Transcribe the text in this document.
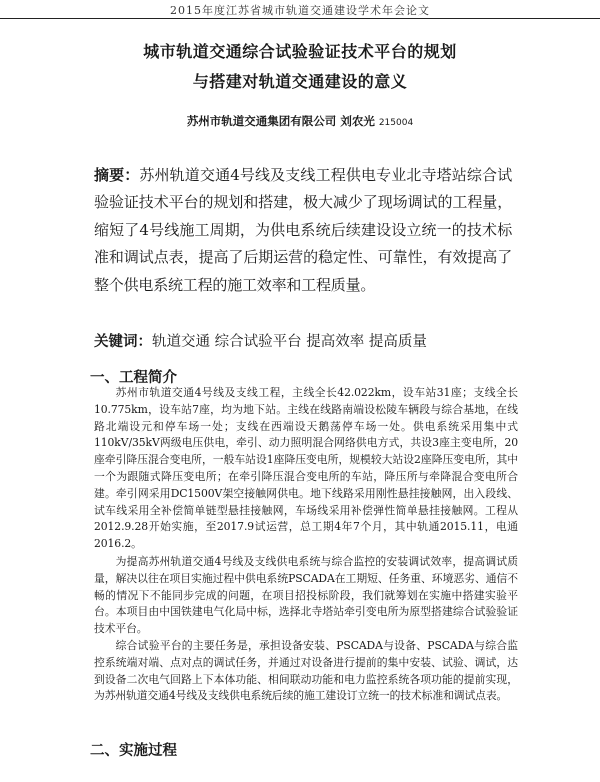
2015年度江苏省城市轨道交通建设学术年会论文
城市轨道交通综合试验验证技术平台的规划
与搭建对轨道交通建设的意义
苏州市轨道交通集团有限公司 刘农光 215004

摘要：苏州轨道交通4号线及支线工程供电专业北寺塔站综合试验验证技术平台的规划和搭建，极大减少了现场调试的工程量，缩短了4号线施工周期，为供电系统后续建设设立统一的技术标准和调试点表，提高了后期运营的稳定性、可靠性，有效提高了整个供电系统工程的施工效率和工程质量。

关键词：轨道交通 综合试验平台 提高效率 提高质量

一、工程简介

苏州市轨道交通4号线及支线工程，主线全长42.022km，设车站31座；支线全长10.775km，设车站7座，均为地下站。主线在线路南端设松陵车辆段与综合基地，在线路北端设元和停车场一处；支线在西端设天鹅荡停车场一处。供电系统采用集中式110kV/35kV两级电压供电，牵引、动力照明混合网络供电方式，共设3座主变电所，20座牵引降压混合变电所，一般车站设1座降压变电所，规模较大站设2座降压变电所，其中一个为跟随式降压变电所；在牵引降压混合变电所的车站，降压所与牵降混合变电所合建。牵引网采用DC1500V架空接触网供电。地下线路采用刚性悬挂接触网，出入段线、试车线采用全补偿简单链型悬挂接触网，车场线采用补偿弹性简单悬挂接触网。工程从2012.9.28开始实施，至2017.9试运营，总工期4年7个月，其中轨通2015.11，电通2016.2。

为提高苏州轨道交通4号线及支线供电系统与综合监控的安装调试效率，提高调试质量，解决以往在项目实施过程中供电系统PSCADA在工期短、任务重、环境恶劣、通信不畅的情况下不能同步完成的问题，在项目招投标阶段，我们就筹划在实施中搭建实验平台。本项目由中国铁建电气化局中标，选择北寺塔站牵引变电所为原型搭建综合试验验证技术平台。

综合试验平台的主要任务是，承担设备安装、PSCADA与设备、PSCADA与综合监控系统端对端、点对点的调试任务，并通过对设备进行提前的集中安装、试验、调试，达到设备二次电气回路上下本体功能、相间联动功能和电力监控系统各项功能的提前实现，为苏州轨道交通4号线及支线供电系统后续的施工建设订立统一的技术标准和调试点表。

二、实施过程
